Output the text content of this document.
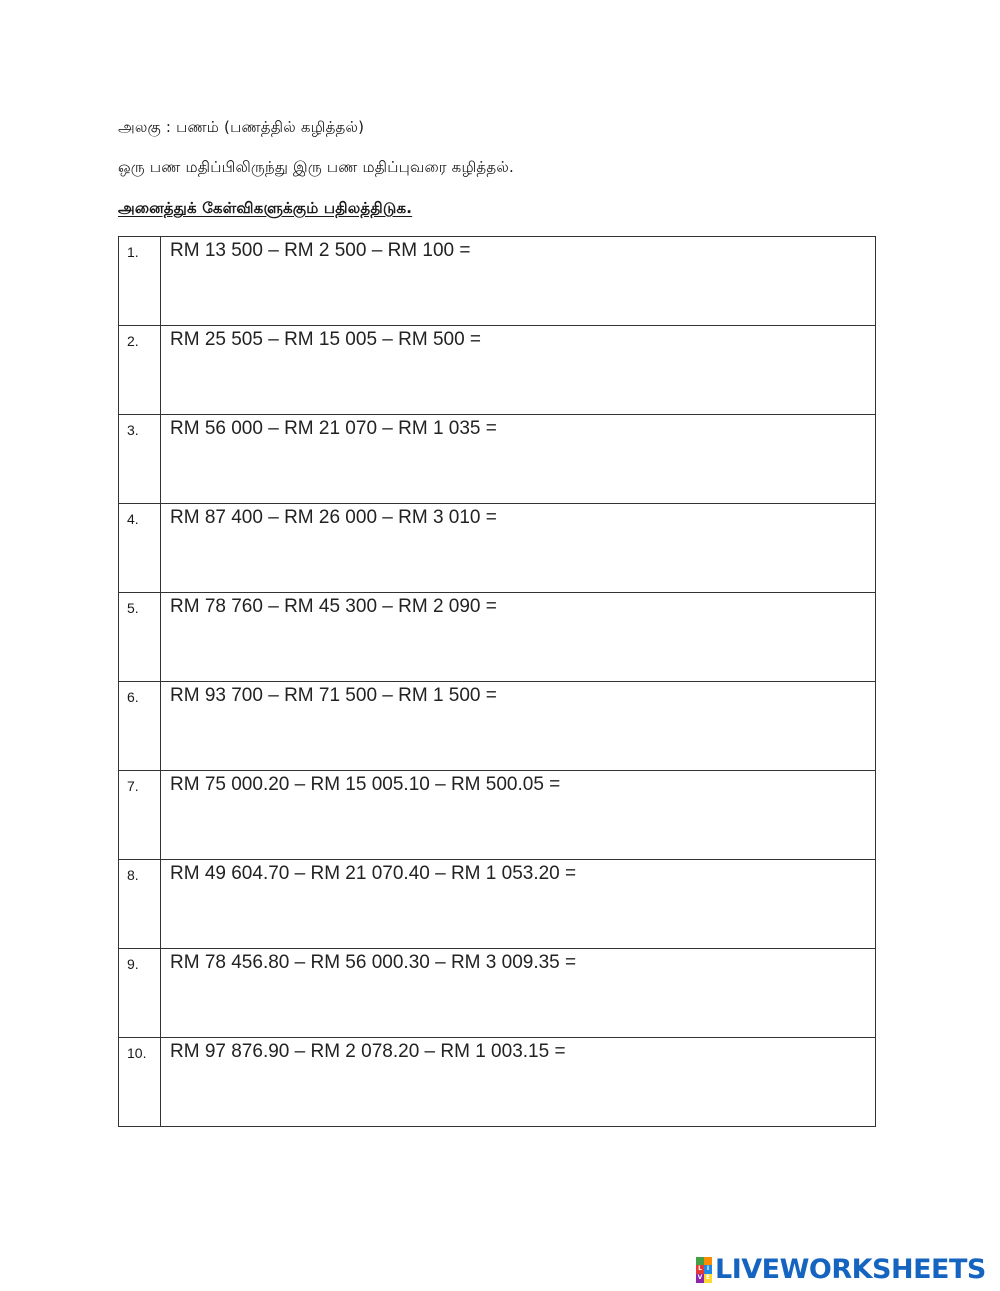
அலகு : பணம் (பணத்தில் கழித்தல்)
ஒரு பண மதிப்பிலிருந்து இரு பண மதிப்புவரை கழித்தல்.
அனைத்துக் கேள்விகளுக்கும் பதிலத்திடுக.
1.	RM 13 500 – RM 2 500 – RM 100 =
2.	RM 25 505 – RM 15 005 – RM 500 =
3.	RM 56 000 – RM 21 070 – RM 1 035 =
4.	RM 87 400 – RM 26 000 – RM 3 010 =
5.	RM 78 760 – RM 45 300 – RM 2 090 =
6.	RM 93 700 – RM 71 500 – RM 1 500 =
7.	RM 75 000.20 – RM 15 005.10 – RM 500.05 =
8.	RM 49 604.70 – RM 21 070.40 – RM 1 053.20 =
9.	RM 78 456.80 – RM 56 000.30 – RM 3 009.35 =
10.	RM 97 876.90 – RM 2 078.20 – RM 1 003.15 =
L I
V E LIVEWORKSHEETS
